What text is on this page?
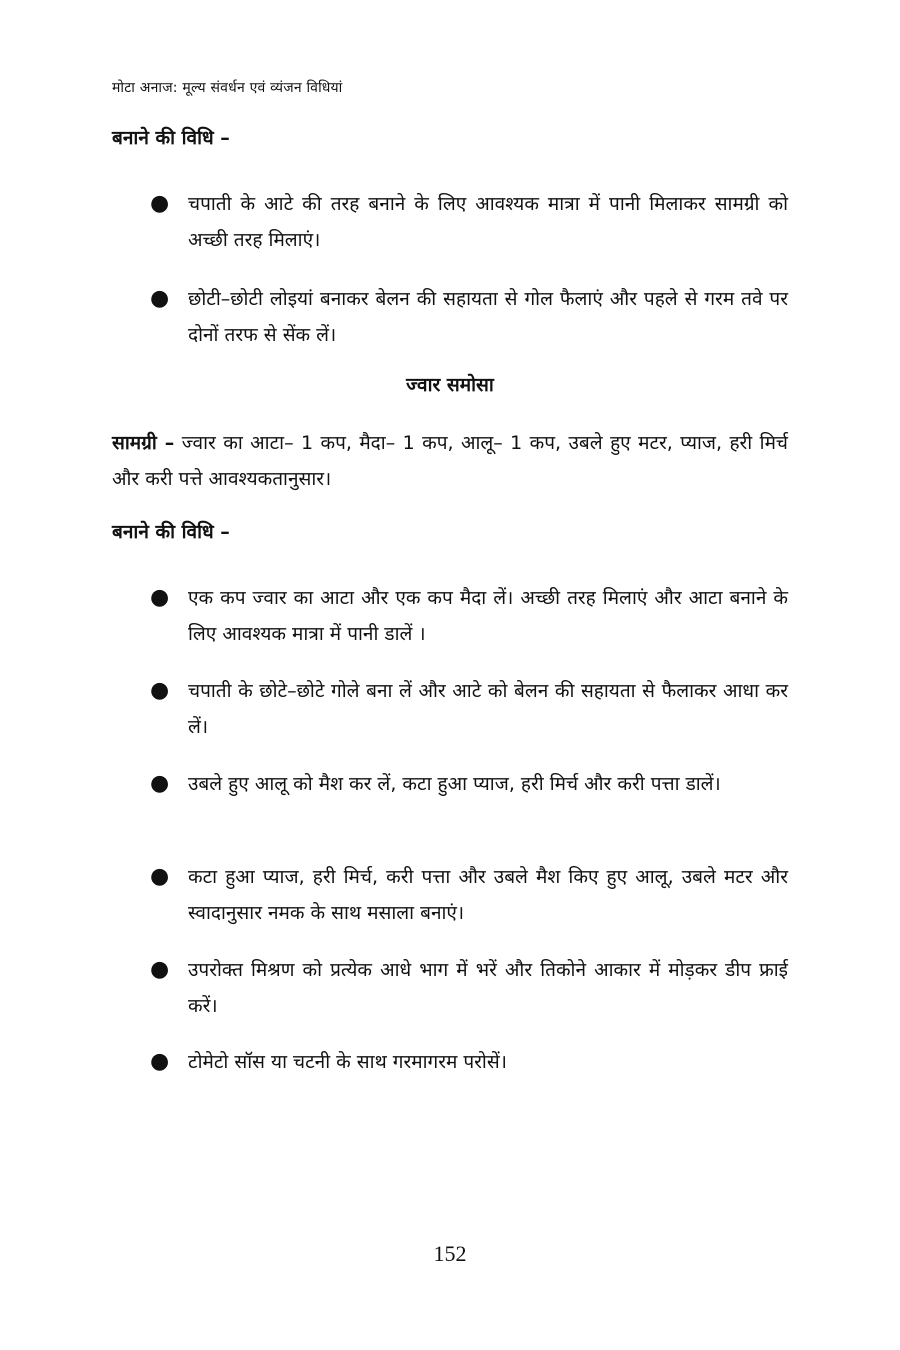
मोटा अनाज: मूल्य संवर्धन एवं व्यंजन विधियां
बनाने की विधि –
● चपाती के आटे की तरह बनाने के लिए आवश्यक मात्रा में पानी मिलाकर सामग्री को अच्छी तरह मिलाएं।
● छोटी–छोटी लोइयां बनाकर बेलन की सहायता से गोल फैलाएं और पहले से गरम तवे पर दोनों तरफ से सेंक लें।
ज्वार समोसा
सामग्री – ज्वार का आटा– 1 कप, मैदा– 1 कप, आलू– 1 कप, उबले हुए मटर, प्याज, हरी मिर्च और करी पत्ते आवश्यकतानुसार।
बनाने की विधि –
● एक कप ज्वार का आटा और एक कप मैदा लें। अच्छी तरह मिलाएं और आटा बनाने के लिए आवश्यक मात्रा में पानी डालें ।
● चपाती के छोटे–छोटे गोले बना लें और आटे को बेलन की सहायता से फैलाकर आधा कर लें।
● उबले हुए आलू को मैश कर लें, कटा हुआ प्याज, हरी मिर्च और करी पत्ता डालें।
● कटा हुआ प्याज, हरी मिर्च, करी पत्ता और उबले मैश किए हुए आलू, उबले मटर और स्वादानुसार नमक के साथ मसाला बनाएं।
● उपरोक्त मिश्रण को प्रत्येक आधे भाग में भरें और तिकोने आकार में मोड़कर डीप फ्राई करें।
● टोमेटो सॉस या चटनी के साथ गरमागरम परोसें।
152
